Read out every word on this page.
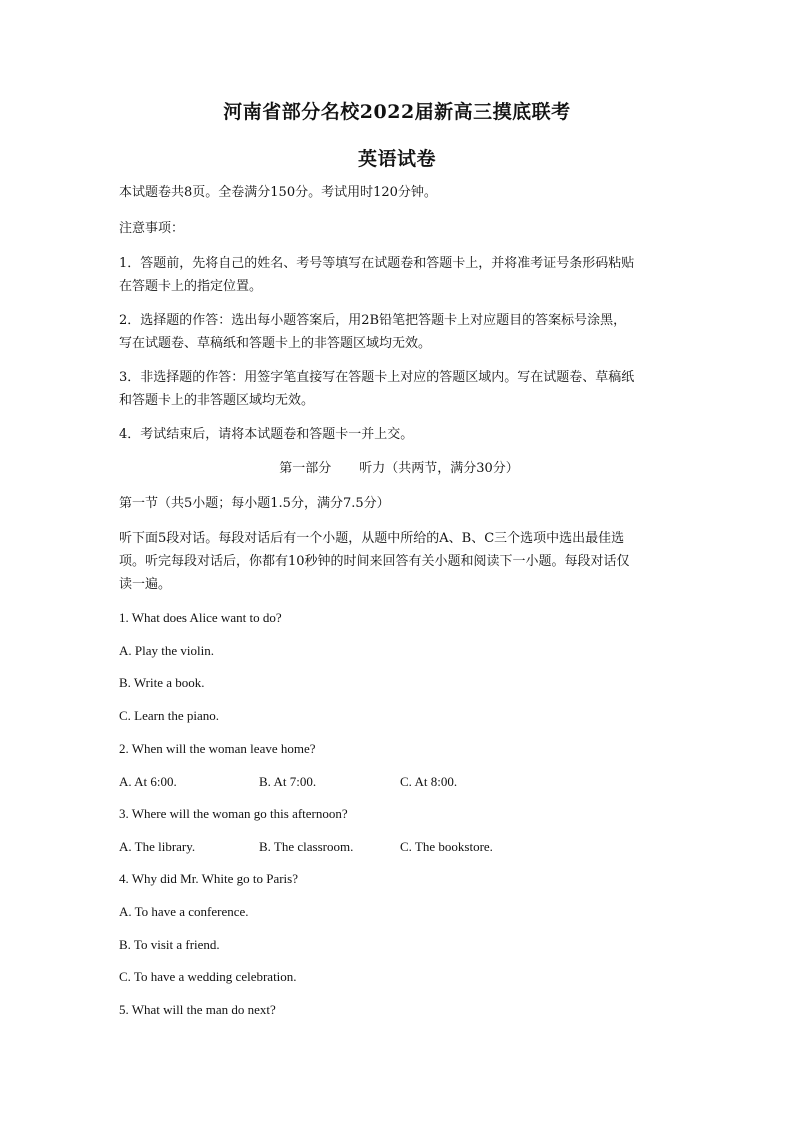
河南省部分名校2022届新高三摸底联考
英语试卷
本试题卷共8页。全卷满分150分。考试用时120分钟。
注意事项：
1．答题前，先将自己的姓名、考号等填写在试题卷和答题卡上，并将准考证号条形码粘贴
在答题卡上的指定位置。
2．选择题的作答：选出每小题答案后，用2B铅笔把答题卡上对应题目的答案标号涂黑，
写在试题卷、草稿纸和答题卡上的非答题区域均无效。
3．非选择题的作答：用签字笔直接写在答题卡上对应的答题区域内。写在试题卷、草稿纸
和答题卡上的非答题区域均无效。
4．考试结束后，请将本试题卷和答题卡一并上交。
第一部分 听力（共两节，满分30分）
第一节（共5小题；每小题1.5分，满分7.5分）
听下面5段对话。每段对话后有一个小题，从题中所给的A、B、C三个选项中选出最佳选
项。听完每段对话后，你都有10秒钟的时间来回答有关小题和阅读下一小题。每段对话仅
读一遍。
1. What does Alice want to do?
A. Play the violin.
B. Write a book.
C. Learn the piano.
2. When will the woman leave home?
A. At 6:00.	B. At 7:00.	C. At 8:00.
3. Where will the woman go this afternoon?
A. The library.	B. The classroom.	C. The bookstore.
4. Why did Mr. White go to Paris?
A. To have a conference.
B. To visit a friend.
C. To have a wedding celebration.
5. What will the man do next?
